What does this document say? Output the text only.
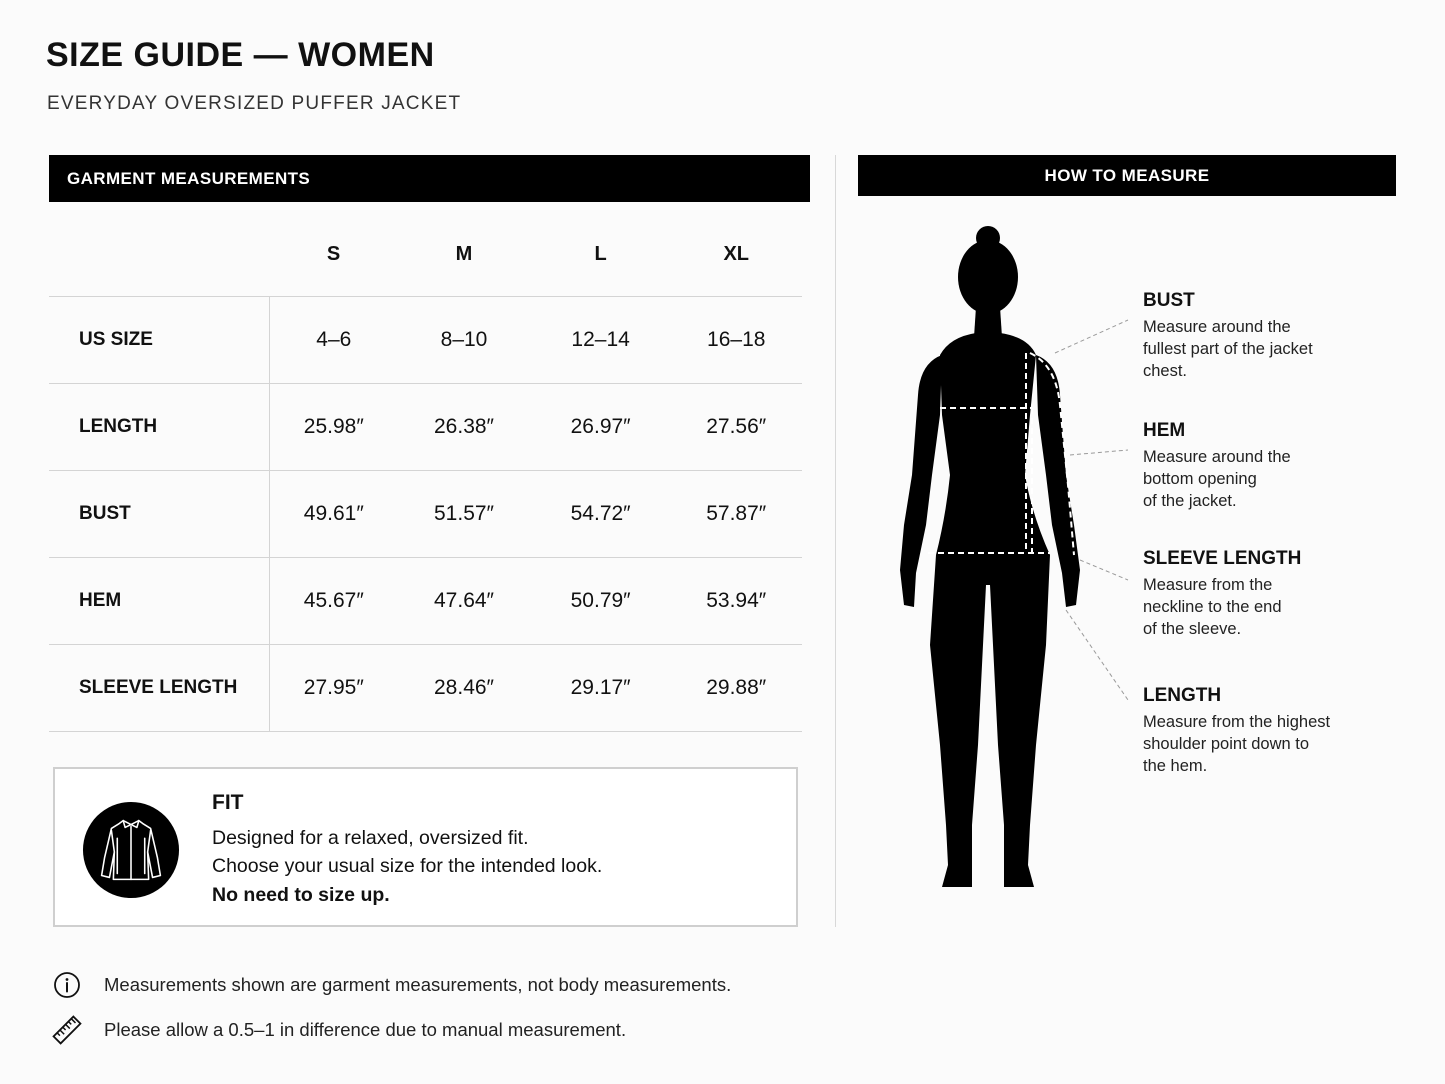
SIZE GUIDE — WOMEN
EVERYDAY OVERSIZED PUFFER JACKET
GARMENT MEASUREMENTS	HOW TO MEASURE
	S	M	L	XL
US SIZE	4–6	8–10	12–14	16–18
LENGTH	25.98″	26.38″	26.97″	27.56″
BUST	49.61″	51.57″	54.72″	57.87″
HEM	45.67″	47.64″	50.79″	53.94″
SLEEVE LENGTH	27.95″	28.46″	29.17″	29.88″
FIT
Designed for a relaxed, oversized fit.
Choose your usual size for the intended look.
No need to size up.
Measurements shown are garment measurements, not body measurements.
Please allow a 0.5–1 in difference due to manual measurement.
BUST
Measure around the
fullest part of the jacket
chest.
HEM
Measure around the
bottom opening
of the jacket.
SLEEVE LENGTH
Measure from the
neckline to the end
of the sleeve.
LENGTH
Measure from the highest
shoulder point down to
the hem.
